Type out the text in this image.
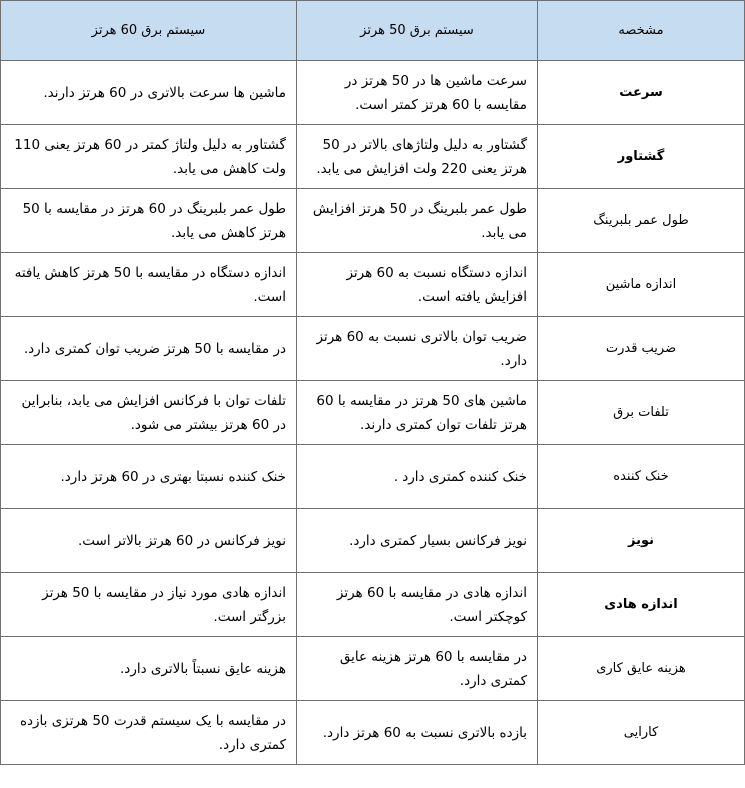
مشخصه	سیستم برق 50 هرتز	سیستم برق 60 هرتز
سرعت	سرعت ماشین ها در 50 هرتز در مقایسه با 60 هرتز کمتر است.	ماشین ها سرعت بالاتری در 60 هرتز دارند.
گشتاور	گشتاور به دلیل ولتاژهای بالاتر در 50 هرتز یعنی 220 ولت افزایش می یابد.	گشتاور به دلیل ولتاژ کمتر در 60 هرتز یعنی 110 ولت کاهش می یابد.
طول عمر بلبرینگ	طول عمر بلبرینگ در 50 هرتز افزایش می یابد.	طول عمر بلبرینگ در 60 هرتز در مقایسه با 50 هرتز کاهش می یابد.
اندازه ماشین	اندازه دستگاه نسبت به 60 هرتز افزایش یافته است.	اندازه دستگاه در مقایسه با 50 هرتز کاهش یافته است.
ضریب قدرت	ضریب توان بالاتری نسبت به 60 هرتز دارد.	در مقایسه با 50 هرتز ضریب توان کمتری دارد.
تلفات برق	ماشین های 50 هرتز در مقایسه با 60 هرتز تلفات توان کمتری دارند.	تلفات توان با فرکانس افزایش می یابد، بنابراین در 60 هرتز بیشتر می شود.
خنک کننده	خنک کننده کمتری دارد .	خنک کننده نسبتا بهتری در 60 هرتز دارد.
نویز	نویز فرکانس بسیار کمتری دارد.	نویز فرکانس در 60 هرتز بالاتر است.
اندازه هادی	اندازه هادی در مقایسه با 60 هرتز کوچکتر است.	اندازه هادی مورد نیاز در مقایسه با 50 هرتز بزرگتر است.
هزینه عایق کاری	در مقایسه با 60 هرتز هزینه عایق کمتری دارد.	هزینه عایق نسبتاً بالاتری دارد.
کارایی	بازده بالاتری نسبت به 60 هرتز دارد.	در مقایسه با یک سیستم قدرت 50 هرتزی بازده کمتری دارد.
